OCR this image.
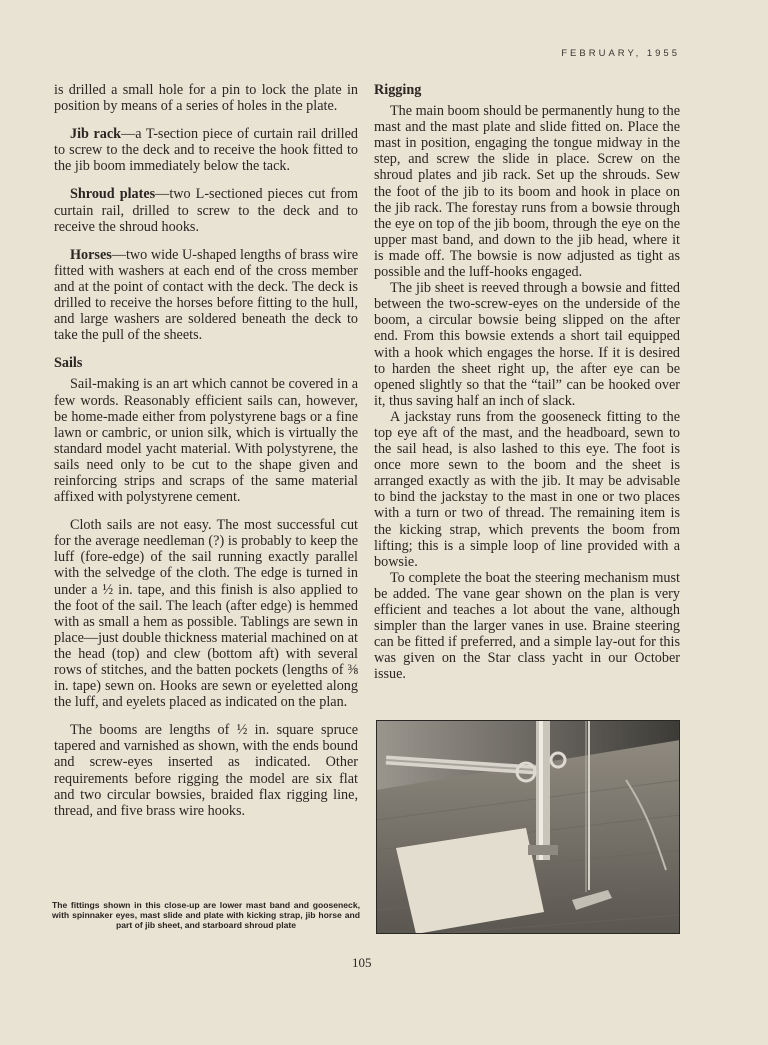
FEBRUARY, 1955

is drilled a small hole for a pin to lock the plate in position by means of a series of holes in the plate.

Jib rack—a T-section piece of curtain rail drilled to screw to the deck and to receive the hook fitted to the jib boom immediately below the tack.

Shroud plates—two L-sectioned pieces cut from curtain rail, drilled to screw to the deck and to receive the shroud hooks.

Horses—two wide U-shaped lengths of brass wire fitted with washers at each end of the cross member and at the point of contact with the deck. The deck is drilled to receive the horses before fitting to the hull, and large washers are soldered beneath the deck to take the pull of the sheets.

Sails

Sail-making is an art which cannot be covered in a few words. Reasonably efficient sails can, however, be home-made either from polystyrene bags or a fine lawn or cambric, or union silk, which is virtually the standard model yacht material. With polystyrene, the sails need only to be cut to the shape given and reinforcing strips and scraps of the same material affixed with polystyrene cement.

Cloth sails are not easy. The most successful cut for the average needleman (?) is probably to keep the luff (fore-edge) of the sail running exactly parallel with the selvedge of the cloth. The edge is turned in under a ½ in. tape, and this finish is also applied to the foot of the sail. The leach (after edge) is hemmed with as small a hem as possible. Tablings are sewn in place—just double thickness material machined on at the head (top) and clew (bottom aft) with several rows of stitches, and the batten pockets (lengths of ⅜ in. tape) sewn on. Hooks are sewn or eyeletted along the luff, and eyelets placed as indicated on the plan.

The booms are lengths of ½ in. square spruce tapered and varnished as shown, with the ends bound and screw-eyes inserted as indicated. Other requirements before rigging the model are six flat and two circular bowsies, braided flax rigging line, thread, and five brass wire hooks.

Rigging

The main boom should be permanently hung to the mast and the mast plate and slide fitted on. Place the mast in position, engaging the tongue midway in the step, and screw the slide in place. Screw on the shroud plates and jib rack. Set up the shrouds. Sew the foot of the jib to its boom and hook in place on the jib rack. The forestay runs from a bowsie through the eye on top of the jib boom, through the eye on the upper mast band, and down to the jib head, where it is made off. The bowsie is now adjusted as tight as possible and the luff-hooks engaged.

The jib sheet is reeved through a bowsie and fitted between the two-screw-eyes on the underside of the boom, a circular bowsie being slipped on the after end. From this bowsie extends a short tail equipped with a hook which engages the horse. If it is desired to harden the sheet right up, the after eye can be opened slightly so that the “tail” can be hooked over it, thus saving half an inch of slack.

A jackstay runs from the gooseneck fitting to the top eye aft of the mast, and the headboard, sewn to the sail head, is also lashed to this eye. The foot is once more sewn to the boom and the sheet is arranged exactly as with the jib. It may be advisable to bind the jackstay to the mast in one or two places with a turn or two of thread. The remaining item is the kicking strap, which prevents the boom from lifting; this is a simple loop of line provided with a bowsie.

To complete the boat the steering mechanism must be added. The vane gear shown on the plan is very efficient and teaches a lot about the vane, although simpler than the larger vanes in use. Braine steering can be fitted if preferred, and a simple lay-out for this was given on the Star class yacht in our October issue.

The fittings shown in this close-up are lower mast band and gooseneck, with spinnaker eyes, mast slide and plate with kicking strap, jib horse and part of jib sheet, and starboard shroud plate
105
